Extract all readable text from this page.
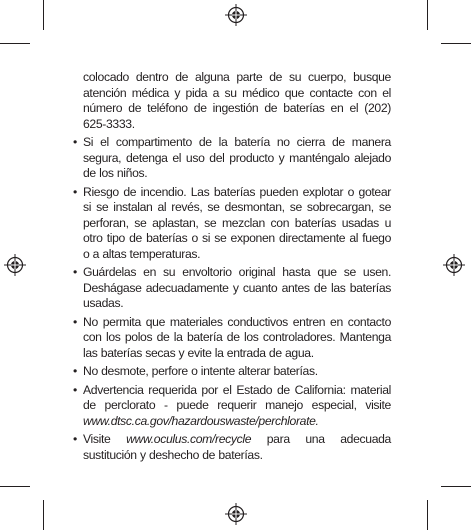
colocado dentro de alguna parte de su cuerpo, busque atención médica y pida a su médico que contacte con el número de teléfono de ingestión de baterías en el (202) 625-3333.

• Si el compartimento de la batería no cierra de manera segura, detenga el uso del producto y manténgalo alejado de los niños.
• Riesgo de incendio. Las baterías pueden explotar o gotear si se instalan al revés, se desmontan, se sobrecargan, se perforan, se aplastan, se mezclan con baterías usadas u otro tipo de baterías o si se exponen directamente al fuego o a altas temperaturas.
• Guárdelas en su envoltorio original hasta que se usen. Deshágase adecuadamente y cuanto antes de las baterías usadas.
• No permita que materiales conductivos entren en contacto con los polos de la batería de los controladores. Mantenga las baterías secas y evite la entrada de agua.
• No desmote, perfore o intente alterar baterías.
• Advertencia requerida por el Estado de California: material de perclorato - puede requerir manejo especial, visite www.dtsc.ca.gov/hazardouswaste/perchlorate.
• Visite www.oculus.com/recycle para una adecuada sustitución y deshecho de baterías.
